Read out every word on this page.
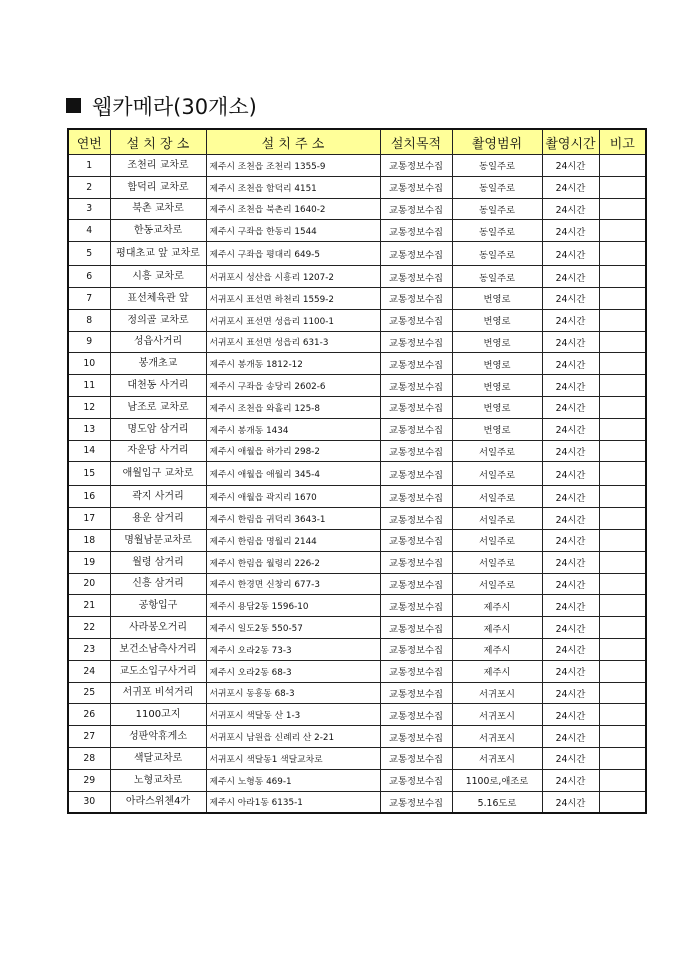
웹카메라(30개소)
연번	설 치 장 소	설 치 주 소	설치목적	촬영범위	촬영시간	비고
1	조천리 교차로	제주시 조천읍 조천리 1355-9	교통정보수집	동일주로	24시간	
2	함덕리 교차로	제주시 조천읍 함덕리 4151	교통정보수집	동일주로	24시간	
3	북촌 교차로	제주시 조천읍 북촌리 1640-2	교통정보수집	동일주로	24시간	
4	한동교차로	제주시 구좌읍 한동리 1544	교통정보수집	동일주로	24시간	
5	평대초교 앞 교차로	제주시 구좌읍 평대리 649-5	교통정보수집	동일주로	24시간	
6	시흥 교차로	서귀포시 성산읍 시흥리 1207-2	교통정보수집	동일주로	24시간	
7	표선체육관 앞	서귀포시 표선면 하천리 1559-2	교통정보수집	번영로	24시간	
8	정의골 교차로	서귀포시 표선면 성읍리 1100-1	교통정보수집	번영로	24시간	
9	성읍사거리	서귀포시 표선면 성읍리 631-3	교통정보수집	번영로	24시간	
10	봉개초교	제주시 봉개동 1812-12	교통정보수집	번영로	24시간	
11	대천동 사거리	제주시 구좌읍 송당리 2602-6	교통정보수집	번영로	24시간	
12	남조로 교차로	제주시 조천읍 와흘리 125-8	교통정보수집	번영로	24시간	
13	명도암 삼거리	제주시 봉개동 1434	교통정보수집	번영로	24시간	
14	자운당 사거리	제주시 애월읍 하가리 298-2	교통정보수집	서일주로	24시간	
15	애월입구 교차로	제주시 애월읍 애월리 345-4	교통정보수집	서일주로	24시간	
16	곽지 사거리	제주시 애월읍 곽지리 1670	교통정보수집	서일주로	24시간	
17	용운 삼거리	제주시 한림읍 귀덕리 3643-1	교통정보수집	서일주로	24시간	
18	명월남문교차로	제주시 한림읍 명월리 2144	교통정보수집	서일주로	24시간	
19	월령 삼거리	제주시 한림읍 월령리 226-2	교통정보수집	서일주로	24시간	
20	신흥 삼거리	제주시 한경면 신창리 677-3	교통정보수집	서일주로	24시간	
21	공항입구	제주시 용담2동 1596-10	교통정보수집	제주시	24시간	
22	사라봉오거리	제주시 일도2동 550-57	교통정보수집	제주시	24시간	
23	보건소남측사거리	제주시 오라2동 73-3	교통정보수집	제주시	24시간	
24	교도소입구사거리	제주시 오라2동 68-3	교통정보수집	제주시	24시간	
25	서귀포 비석거리	서귀포시 동흥동 68-3	교통정보수집	서귀포시	24시간	
26	1100고지	서귀포시 색달동 산 1-3	교통정보수집	서귀포시	24시간	
27	성판악휴게소	서귀포시 남원읍 신례리 산 2-21	교통정보수집	서귀포시	24시간	
28	색달교차로	서귀포시 색달동1 색달교차로	교통정보수집	서귀포시	24시간	
29	노형교차로	제주시 노형동 469-1	교통정보수집	1100로,애조로	24시간	
30	아라스위첸4가	제주시 아라1동 6135-1	교통정보수집	5.16도로	24시간	
